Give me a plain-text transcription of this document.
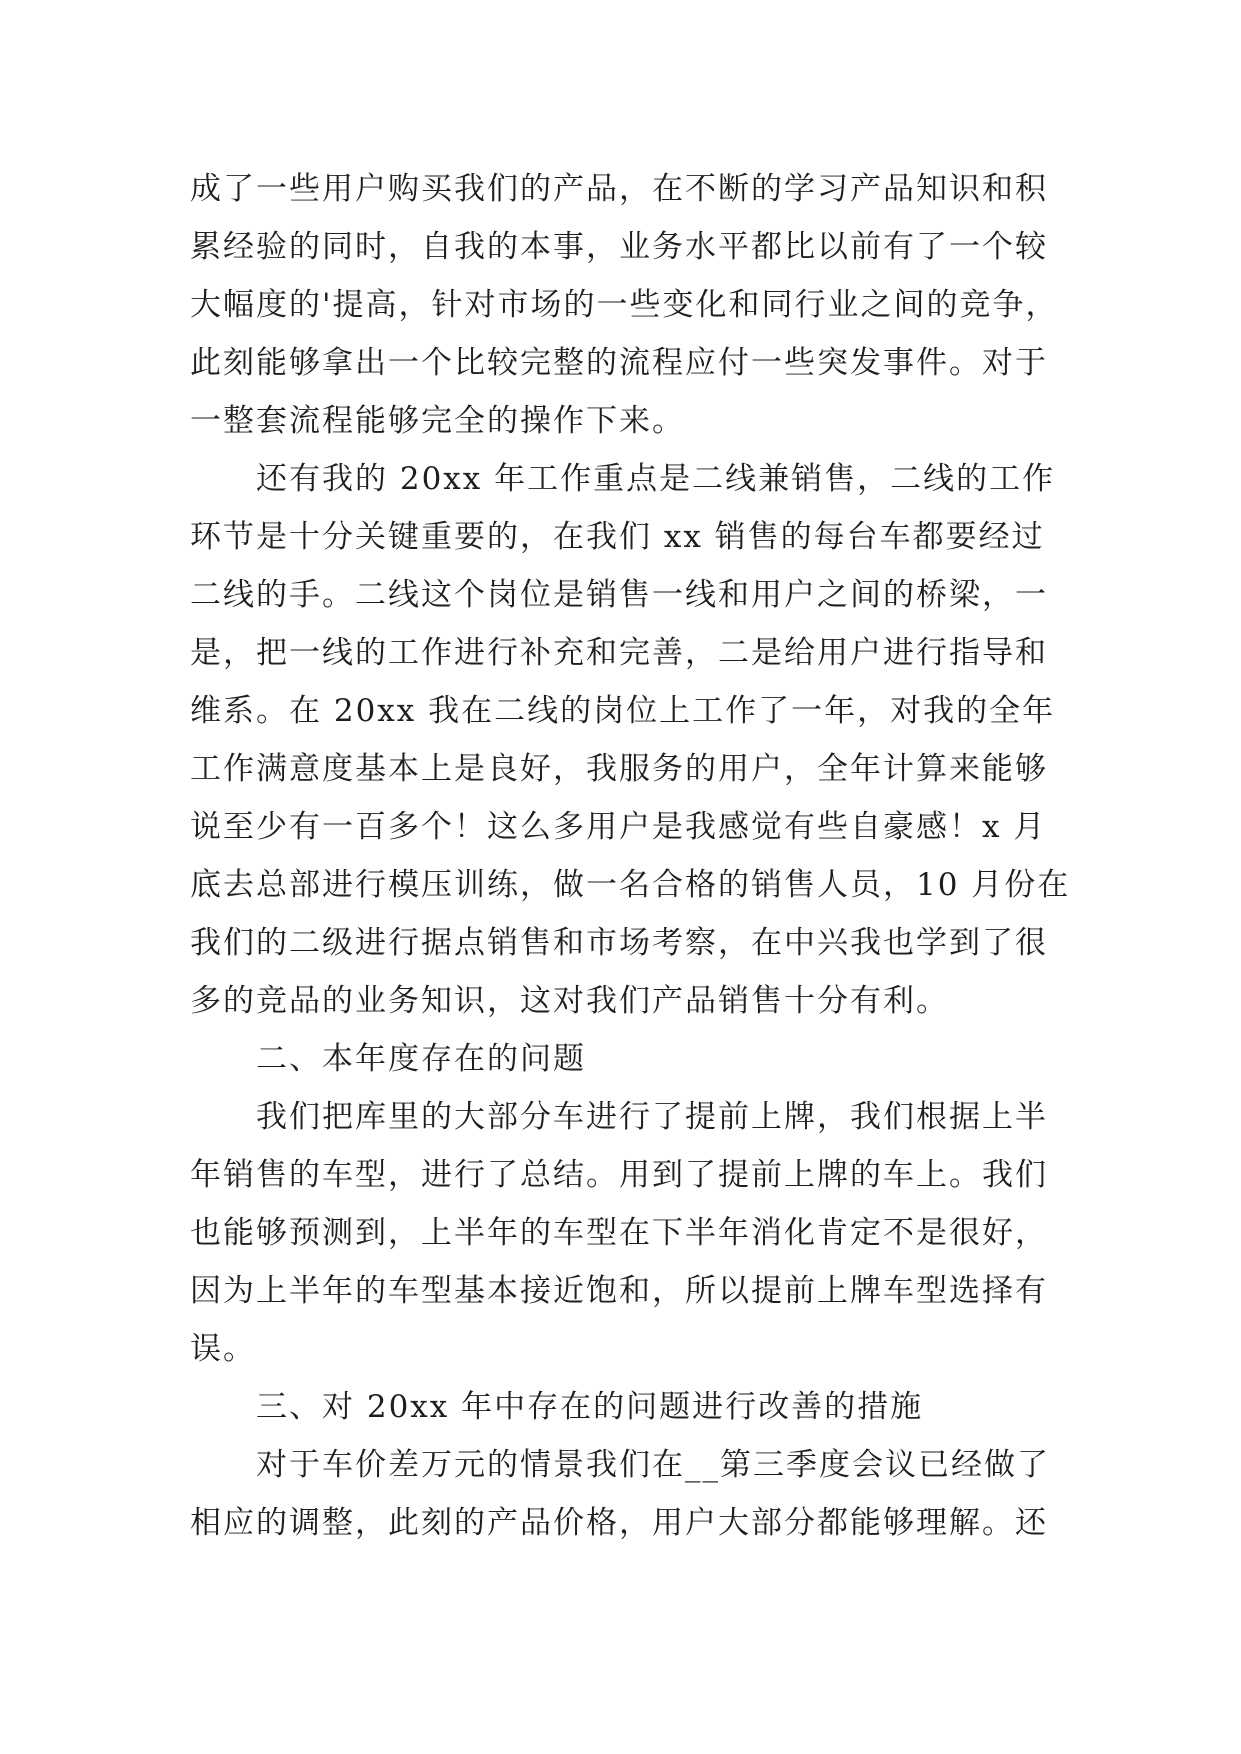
成了一些用户购买我们的产品，在不断的学习产品知识和积
累经验的同时，自我的本事，业务水平都比以前有了一个较
大幅度的'提高，针对市场的一些变化和同行业之间的竞争，
此刻能够拿出一个比较完整的流程应付一些突发事件。对于
一整套流程能够完全的操作下来。
还有我的 20xx 年工作重点是二线兼销售，二线的工作
环节是十分关键重要的，在我们 xx 销售的每台车都要经过
二线的手。二线这个岗位是销售一线和用户之间的桥梁，一
是，把一线的工作进行补充和完善，二是给用户进行指导和
维系。在 20xx 我在二线的岗位上工作了一年，对我的全年
工作满意度基本上是良好，我服务的用户，全年计算来能够
说至少有一百多个！这么多用户是我感觉有些自豪感！x 月
底去总部进行模压训练，做一名合格的销售人员，10 月份在
我们的二级进行据点销售和市场考察，在中兴我也学到了很
多的竞品的业务知识，这对我们产品销售十分有利。
二、本年度存在的问题
我们把库里的大部分车进行了提前上牌，我们根据上半
年销售的车型，进行了总结。用到了提前上牌的车上。我们
也能够预测到，上半年的车型在下半年消化肯定不是很好，
因为上半年的车型基本接近饱和，所以提前上牌车型选择有
误。
三、对 20xx 年中存在的问题进行改善的措施
对于车价差万元的情景我们在__第三季度会议已经做了
相应的调整，此刻的产品价格，用户大部分都能够理解。还
